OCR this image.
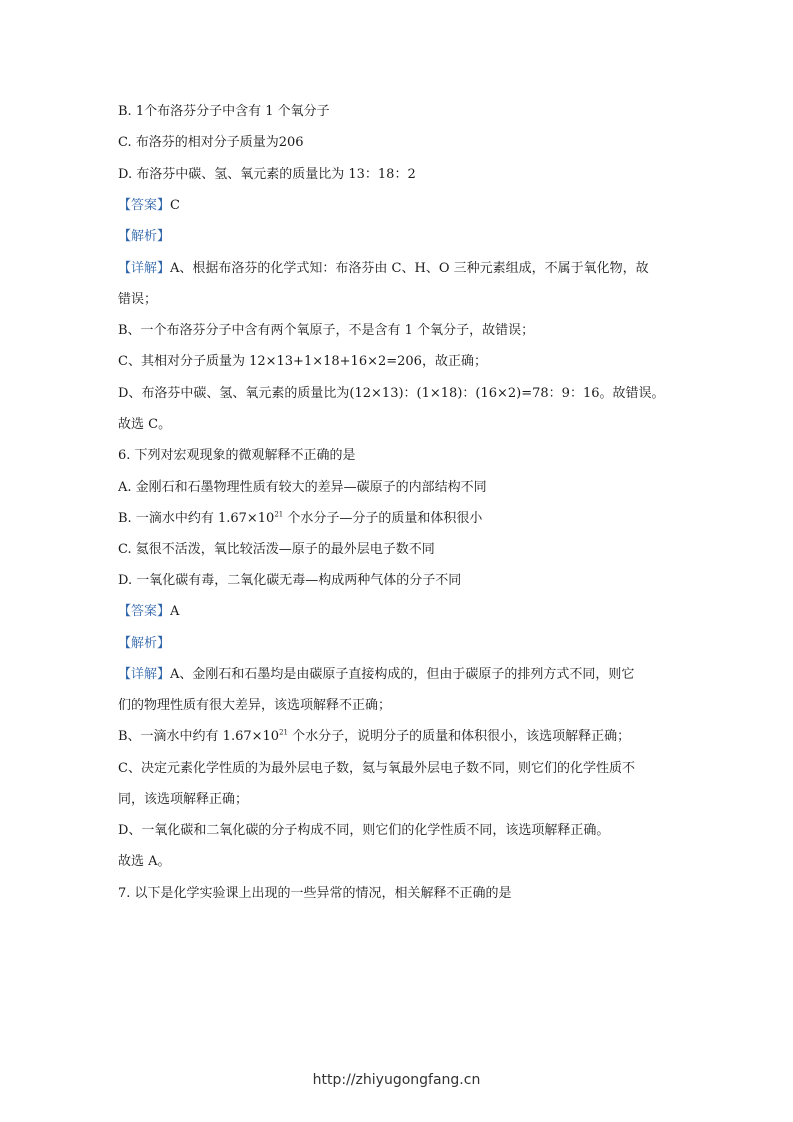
B. 1个布洛芬分子中含有 1 个氧分子
C. 布洛芬的相对分子质量为206
D. 布洛芬中碳、氢、氧元素的质量比为 13：18：2
【答案】C
【解析】
【详解】A、根据布洛芬的化学式知：布洛芬由 C、H、O 三种元素组成，不属于氧化物，故
错误；
B、一个布洛芬分子中含有两个氧原子，不是含有 1 个氧分子，故错误；
C、其相对分子质量为 12×13+1×18+16×2=206，故正确；
D、布洛芬中碳、氢、氧元素的质量比为(12×13)：(1×18)：(16×2)=78：9：16。故错误。
故选 C。
6. 下列对宏观现象的微观解释不正确的是
A. 金刚石和石墨物理性质有较大的差异—碳原子的内部结构不同
B. 一滴水中约有 $1.67\times 10^{21}$ 个水分子—分子的质量和体积很小
C. 氦很不活泼，氧比较活泼—原子的最外层电子数不同
D. 一氧化碳有毒，二氧化碳无毒—构成两种气体的分子不同
【答案】A
【解析】
【详解】A、金刚石和石墨均是由碳原子直接构成的，但由于碳原子的排列方式不同，则它
们的物理性质有很大差异，该选项解释不正确；
B、一滴水中约有 $1.67\times 10^{21}$ 个水分子，说明分子的质量和体积很小，该选项解释正确；
C、决定元素化学性质的为最外层电子数，氦与氧最外层电子数不同，则它们的化学性质不
同，该选项解释正确；
D、一氧化碳和二氧化碳的分子构成不同，则它们的化学性质不同，该选项解释正确。
故选 A。
7. 以下是化学实验课上出现的一些异常的情况，相关解释不正确的是
http://zhiyugongfang.cn
